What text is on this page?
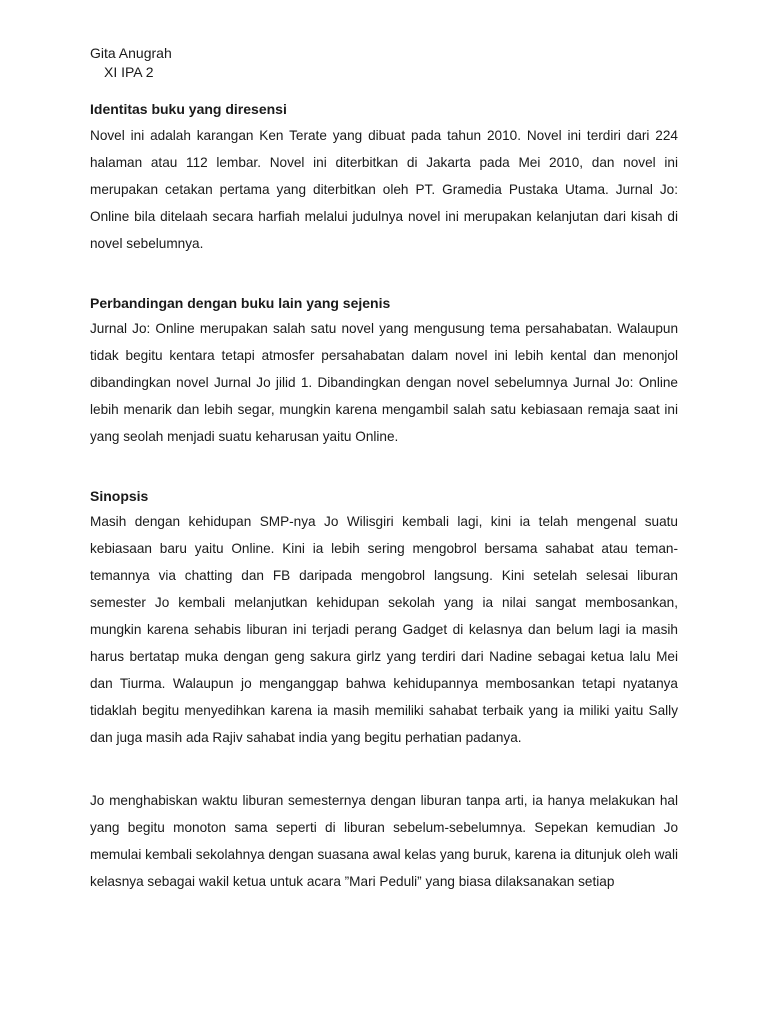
Gita Anugrah
XI IPA 2
Identitas buku yang diresensi
Novel ini adalah karangan Ken Terate yang dibuat pada tahun 2010. Novel ini terdiri dari 224 halaman atau 112 lembar. Novel ini diterbitkan di Jakarta pada Mei 2010, dan novel ini merupakan cetakan pertama yang diterbitkan oleh PT. Gramedia Pustaka Utama. Jurnal Jo: Online bila ditelaah secara harfiah melalui judulnya novel ini merupakan kelanjutan dari kisah di novel sebelumnya.
Perbandingan dengan buku lain yang sejenis
Jurnal Jo: Online merupakan salah satu novel yang mengusung tema persahabatan. Walaupun tidak begitu kentara tetapi atmosfer persahabatan dalam novel ini lebih kental dan menonjol dibandingkan novel Jurnal Jo jilid 1. Dibandingkan dengan novel sebelumnya Jurnal Jo: Online lebih menarik dan lebih segar, mungkin karena mengambil salah satu kebiasaan remaja saat ini yang seolah menjadi suatu keharusan yaitu Online.
Sinopsis
Masih dengan kehidupan SMP-nya Jo Wilisgiri kembali lagi, kini ia telah mengenal suatu kebiasaan baru yaitu Online. Kini ia lebih sering mengobrol bersama sahabat atau teman-temannya via chatting dan FB daripada mengobrol langsung. Kini setelah selesai liburan semester Jo kembali melanjutkan kehidupan sekolah yang ia nilai sangat membosankan, mungkin karena sehabis liburan ini terjadi perang Gadget di kelasnya dan belum lagi ia masih harus bertatap muka dengan geng sakura girlz yang terdiri dari Nadine sebagai ketua lalu Mei dan Tiurma. Walaupun jo menganggap bahwa kehidupannya membosankan tetapi nyatanya tidaklah begitu menyedihkan karena ia masih memiliki sahabat terbaik yang ia miliki yaitu Sally dan juga masih ada Rajiv sahabat india yang begitu perhatian padanya.
Jo menghabiskan waktu liburan semesternya dengan liburan tanpa arti, ia hanya melakukan hal yang begitu monoton sama seperti di liburan sebelum-sebelumnya. Sepekan kemudian Jo memulai kembali sekolahnya dengan suasana awal kelas yang buruk, karena ia ditunjuk oleh wali kelasnya sebagai wakil ketua untuk acara ”Mari Peduli” yang biasa dilaksanakan setiap
